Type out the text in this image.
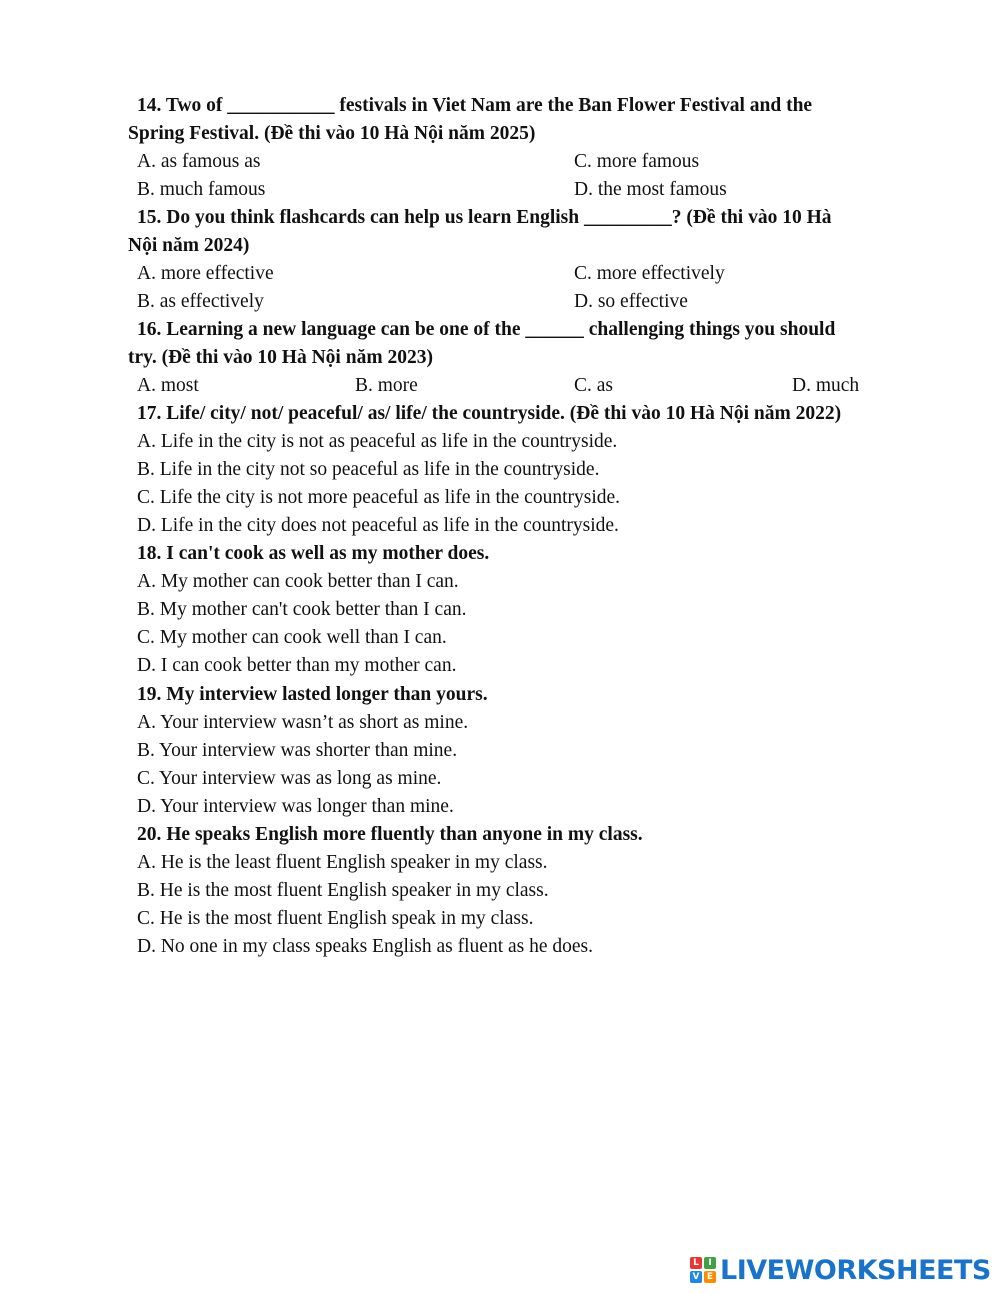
14. Two of ___________ festivals in Viet Nam are the Ban Flower Festival and the
Spring Festival. (Đề thi vào 10 Hà Nội năm 2025)
A. as famous as	C. more famous
B. much famous	D. the most famous
15. Do you think flashcards can help us learn English _________? (Đề thi vào 10 Hà
Nội năm 2024)
A. more effective	C. more effectively
B. as effectively	D. so effective
16. Learning a new language can be one of the ______ challenging things you should
try. (Đề thi vào 10 Hà Nội năm 2023)
A. most	B. more	C. as	D. much
17. Life/ city/ not/ peaceful/ as/ life/ the countryside. (Đề thi vào 10 Hà Nội năm 2022)
A. Life in the city is not as peaceful as life in the countryside.
B. Life in the city not so peaceful as life in the countryside.
C. Life the city is not more peaceful as life in the countryside.
D. Life in the city does not peaceful as life in the countryside.
18. I can't cook as well as my mother does.
A. My mother can cook better than I can.
B. My mother can't cook better than I can.
C. My mother can cook well than I can.
D. I can cook better than my mother can.
19. My interview lasted longer than yours.
A. Your interview wasn’t as short as mine.
B. Your interview was shorter than mine.
C. Your interview was as long as mine.
D. Your interview was longer than mine.
20. He speaks English more fluently than anyone in my class.
A. He is the least fluent English speaker in my class.
B. He is the most fluent English speaker in my class.
C. He is the most fluent English speak in my class.
D. No one in my class speaks English as fluent as he does.
L	I
V E LIVEWORKSHEETS
